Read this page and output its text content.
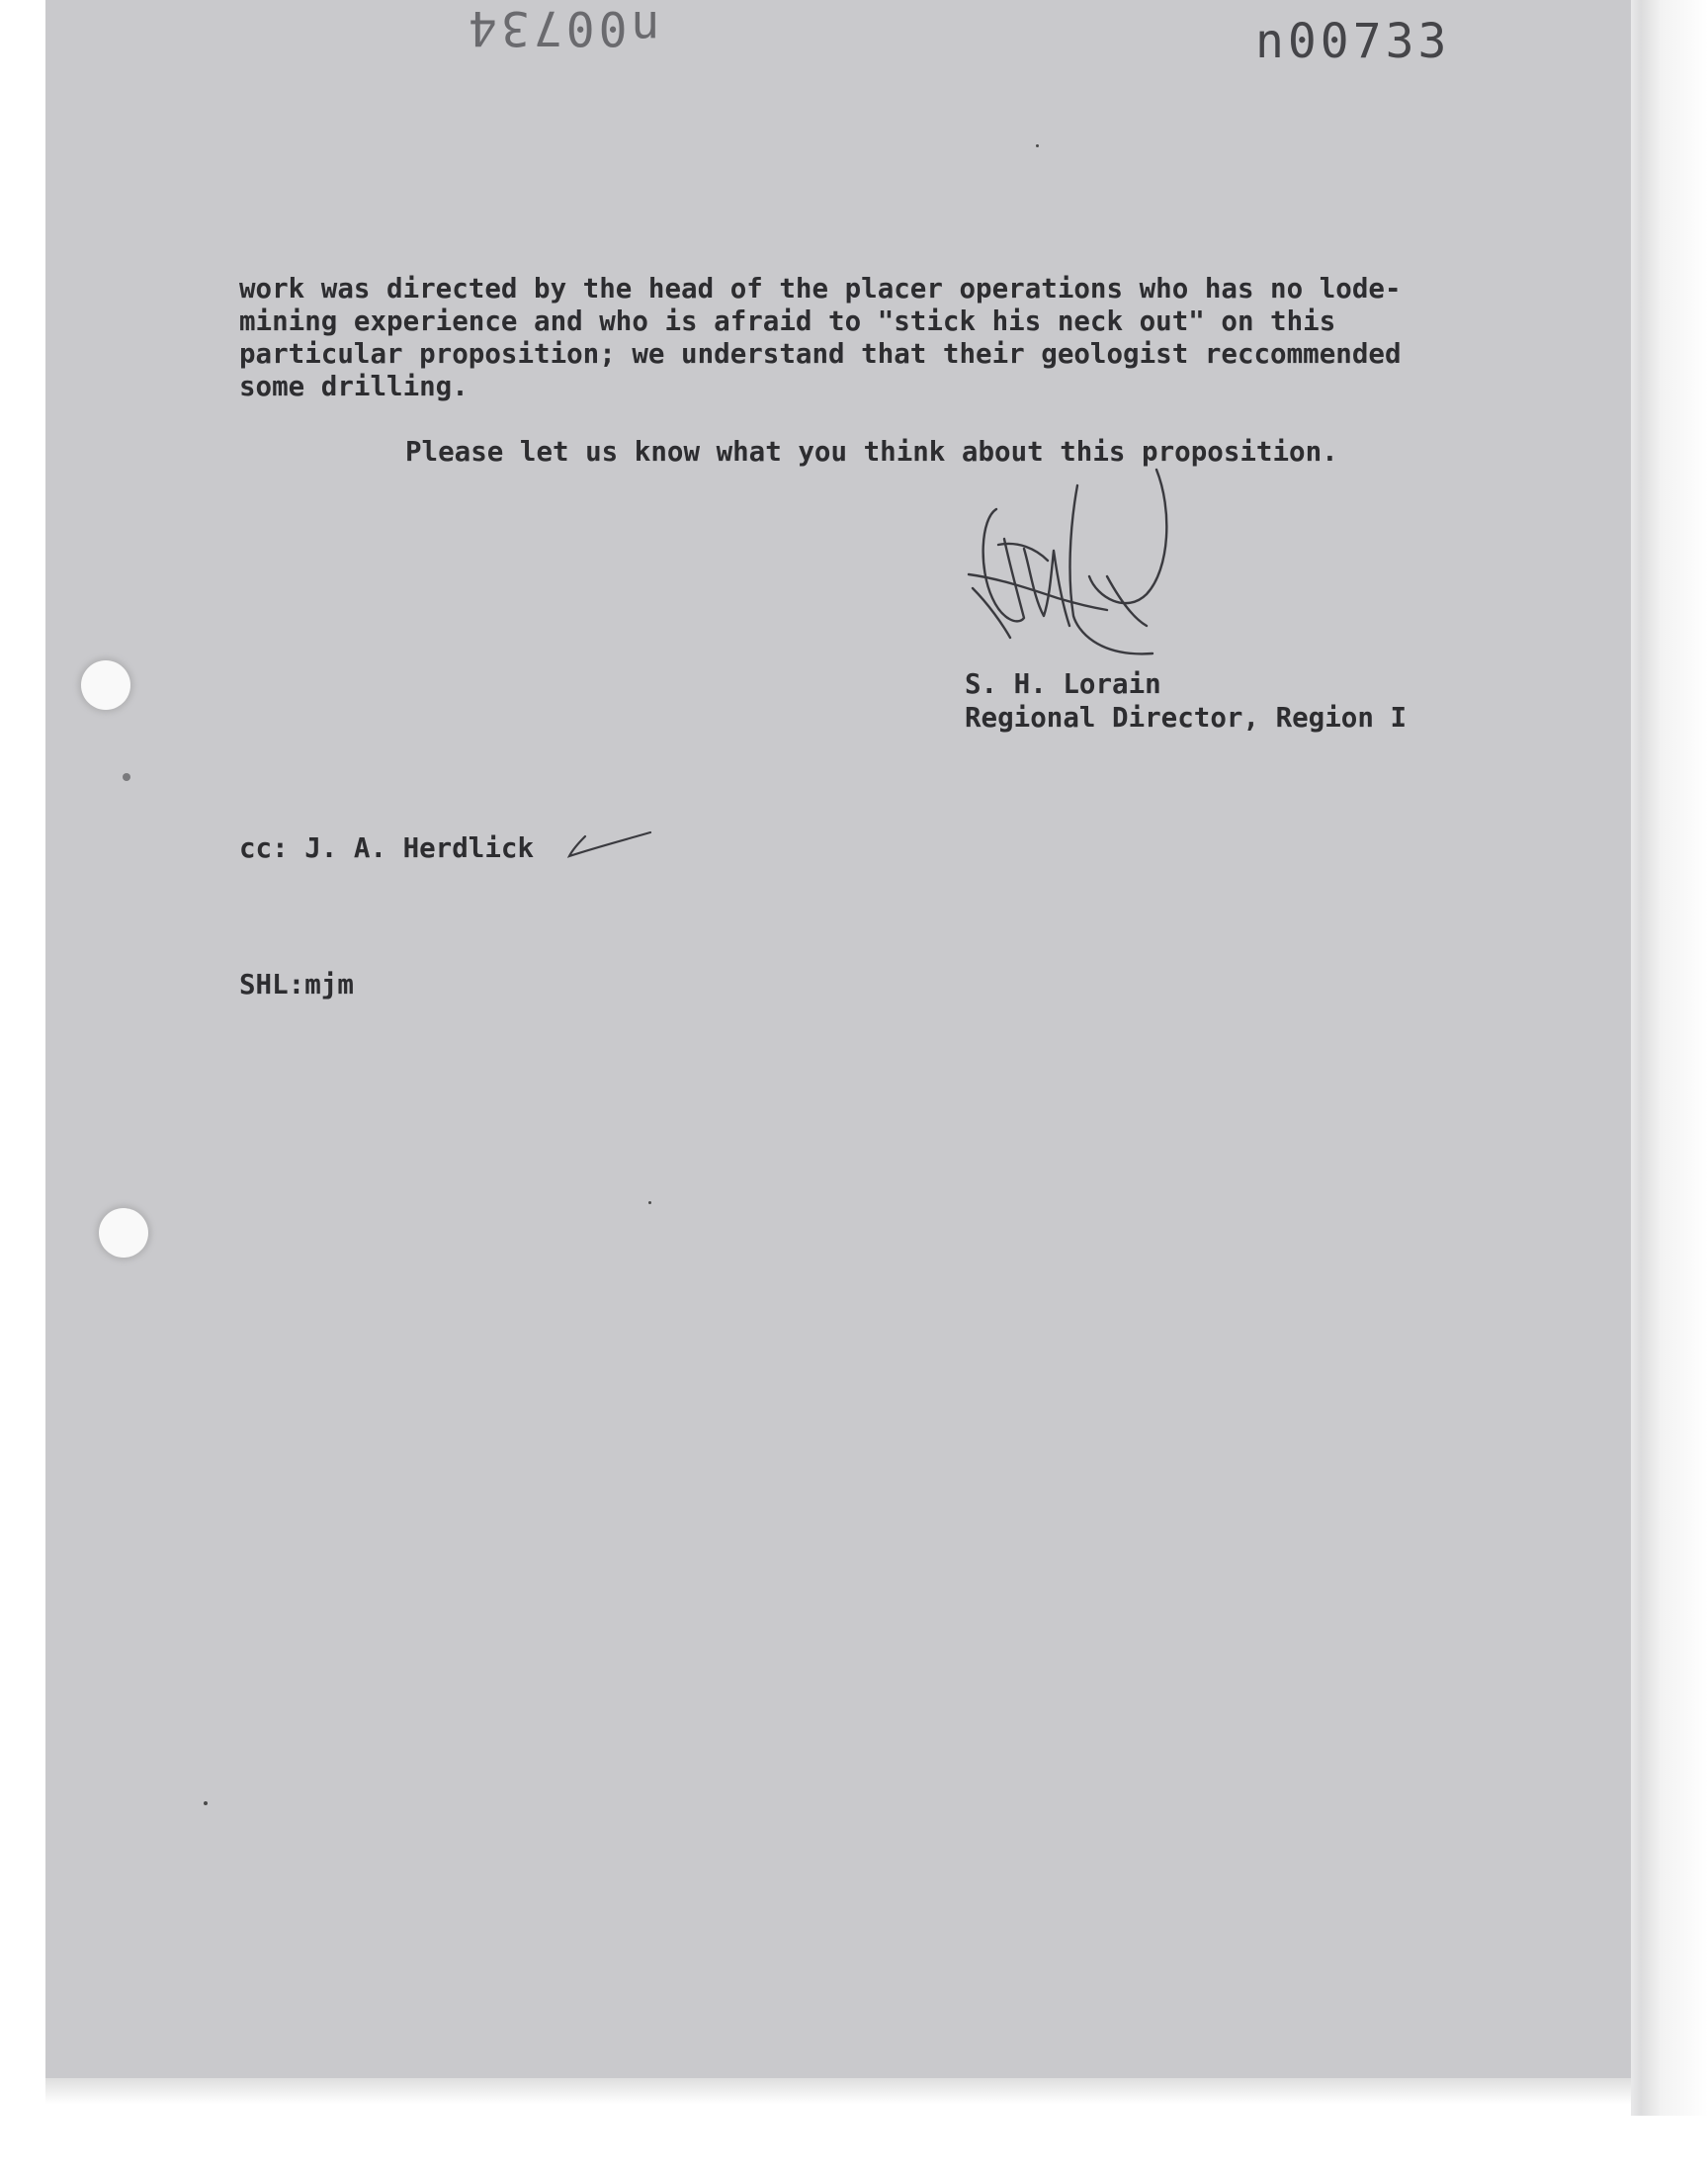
n00734	n00733
work was directed by the head of the placer operations who has no lode-
mining experience and who is afraid to "stick his neck out" on this
particular proposition; we understand that their geologist reccommended
some drilling.
Please let us know what you think about this proposition.
S. H. Lorain
Regional Director, Region I
cc: J. A. Herdlick
SHL:mjm
